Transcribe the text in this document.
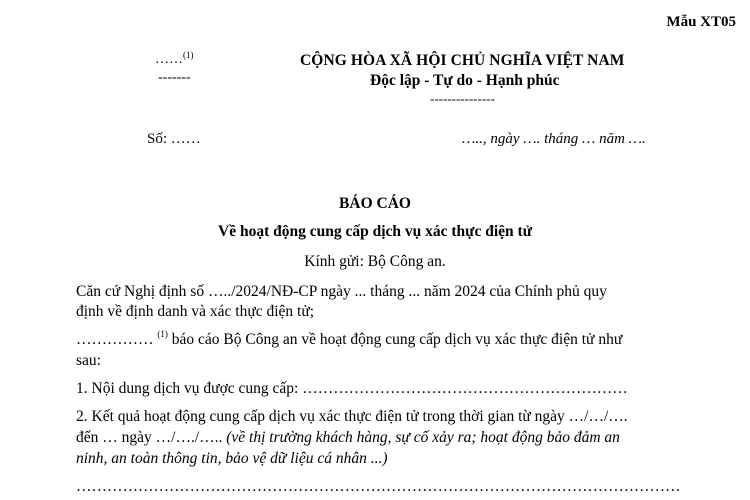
Mẫu XT05
……$^{(1)}$
-------
CỘNG HÒA XÃ HỘI CHỦ NGHĨA VIỆT NAM
Độc lập - Tự do - Hạnh phúc
---------------
Số: ……	….., ngày …. tháng … năm ….
BÁO CÁO
Về hoạt động cung cấp dịch vụ xác thực điện tử
Kính gửi: Bộ Công an.
Căn cứ Nghị định số …../2024/NĐ-CP ngày ... tháng ... năm 2024 của Chính phủ quy
định về định danh và xác thực điện tử;
…………… $^{(1)}$ báo cáo Bộ Công an về hoạt động cung cấp dịch vụ xác thực điện tử như
sau:
1. Nội dung dịch vụ được cung cấp: ………………………………………………………
2. Kết quả hoạt động cung cấp dịch vụ xác thực điện tử trong thời gian từ ngày …/…/….
đến … ngày …/…./….. (về thị trường khách hàng, sự cố xảy ra; hoạt động bảo đảm an
ninh, an toàn thông tin, bảo vệ dữ liệu cá nhân ...)
………………………………………………………………………………………………………
